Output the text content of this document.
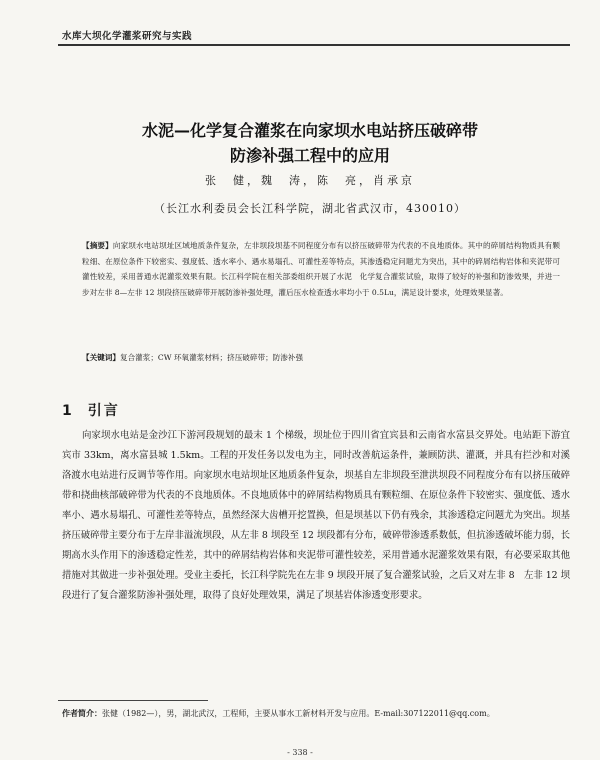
水库大坝化学灌浆研究与实践
水泥—化学复合灌浆在向家坝水电站挤压破碎带
防渗补强工程中的应用
张　健，魏　涛，陈　亮，肖承京
（长江水利委员会长江科学院，湖北省武汉市，430010）
【摘要】向家坝水电站坝址区域地质条件复杂，左非坝段坝基不同程度分布有以挤压破碎带为代表的不良地质体。其中的碎屑结构物质具有颗粒细、在原位条件下较密实、强度低、透水率小、遇水易塌孔、可灌性差等特点，其渗透稳定问题尤为突出，其中的碎屑结构岩体和夹泥带可灌性较差，采用普通水泥灌浆效果有限。长江科学院在相关部委组织开展了水泥　化学复合灌浆试验，取得了较好的补强和防渗效果，并进一步对左非 8—左非 12 坝段挤压破碎带开展防渗补强处理，灌后压水检查透水率均小于 0.5Lu，满足设计要求，处理效果显著。
【关键词】复合灌浆；CW 环氧灌浆材料；挤压破碎带；防渗补强
1 引言
向家坝水电站是金沙江下游河段规划的最末 1 个梯级，坝址位于四川省宜宾县和云南省水富县交界处。电站距下游宜宾市 33km，离水富县城 1.5km。工程的开发任务以发电为主，同时改善航运条件，兼顾防洪、灌溉，并具有拦沙和对溪洛渡水电站进行反调节等作用。向家坝水电站坝址区地质条件复杂，坝基自左非坝段至泄洪坝段不同程度分布有以挤压破碎带和挠曲核部破碎带为代表的不良地质体。不良地质体中的碎屑结构物质具有颗粒细、在原位条件下较密实、强度低、透水率小、遇水易塌孔、可灌性差等特点，虽然经深大齿槽开挖置换，但是坝基以下仍有残余，其渗透稳定问题尤为突出。坝基挤压破碎带主要分布于左岸非溢流坝段，从左非 8 坝段至 12 坝段都有分布，破碎带渗透系数低，但抗渗透破坏能力弱，长期高水头作用下的渗透稳定性差，其中的碎屑结构岩体和夹泥带可灌性较差，采用普通水泥灌浆效果有限，有必要采取其他措施对其做进一步补强处理。受业主委托，长江科学院先在左非 9 坝段开展了复合灌浆试验，之后又对左非 8　左非 12 坝段进行了复合灌浆防渗补强处理，取得了良好处理效果，满足了坝基岩体渗透变形要求。
作者简介：张健（1982—），男，湖北武汉，工程师，主要从事水工新材料开发与应用。E-mail:307122011@qq.com。
- 338 -
